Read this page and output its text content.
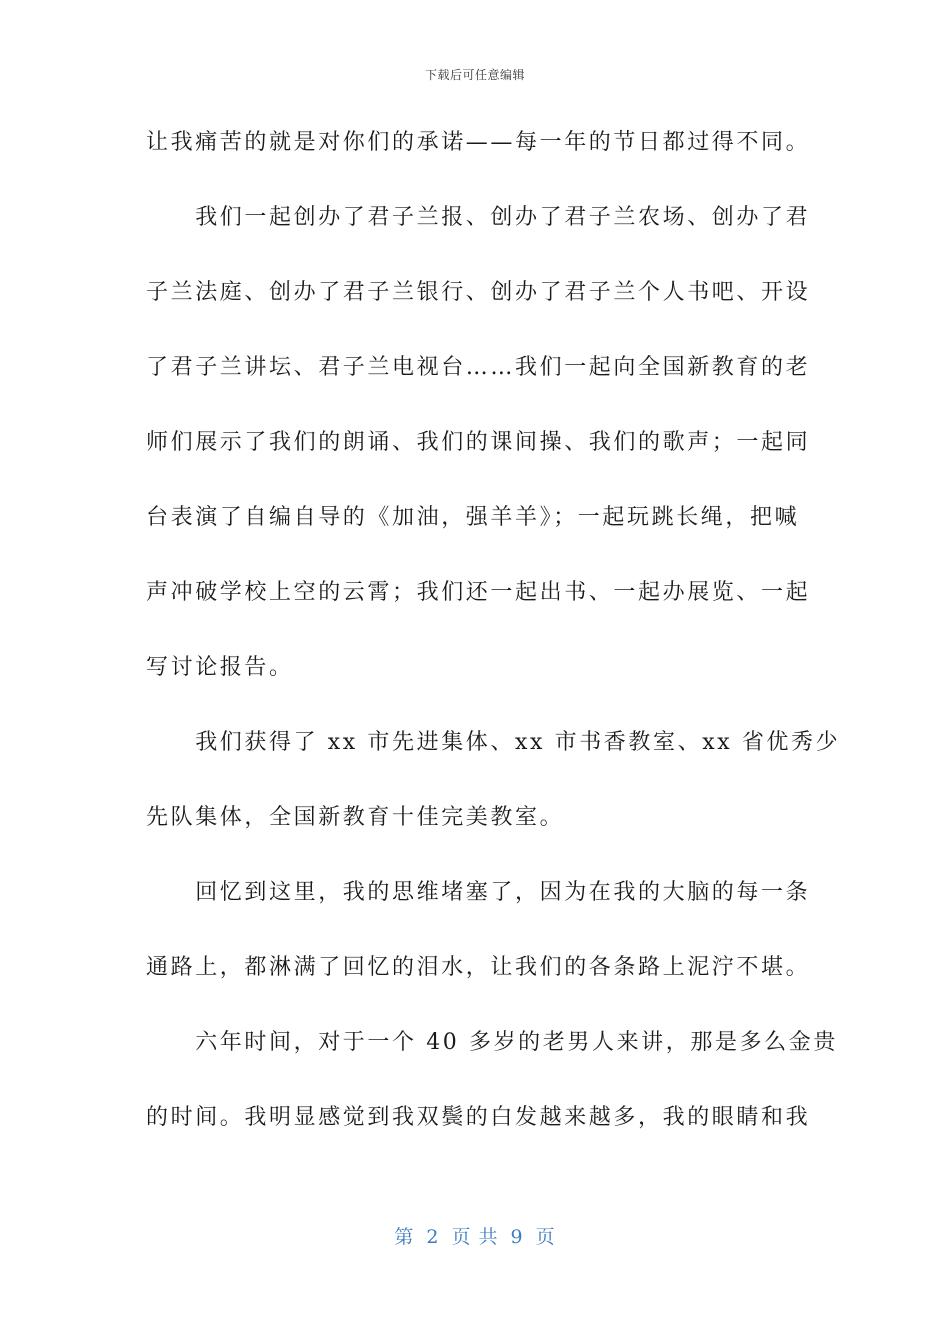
下载后可任意编辑
让我痛苦的就是对你们的承诺——每一年的节日都过得不同。
　　我们一起创办了君子兰报、创办了君子兰农场、创办了君
子兰法庭、创办了君子兰银行、创办了君子兰个人书吧、开设
了君子兰讲坛、君子兰电视台……我们一起向全国新教育的老
师们展示了我们的朗诵、我们的课间操、我们的歌声；一起同
台表演了自编自导的《加油，强羊羊》；一起玩跳长绳，把喊
声冲破学校上空的云霄；我们还一起出书、一起办展览、一起
写讨论报告。
　　我们获得了 xx 市先进集体、xx 市书香教室、xx 省优秀少
先队集体，全国新教育十佳完美教室。
　　回忆到这里，我的思维堵塞了，因为在我的大脑的每一条
通路上，都淋满了回忆的泪水，让我们的各条路上泥泞不堪。
　　六年时间，对于一个 40 多岁的老男人来讲，那是多么金贵
的时间。我明显感觉到我双鬓的白发越来越多，我的眼睛和我
第 2 页 共 9 页
